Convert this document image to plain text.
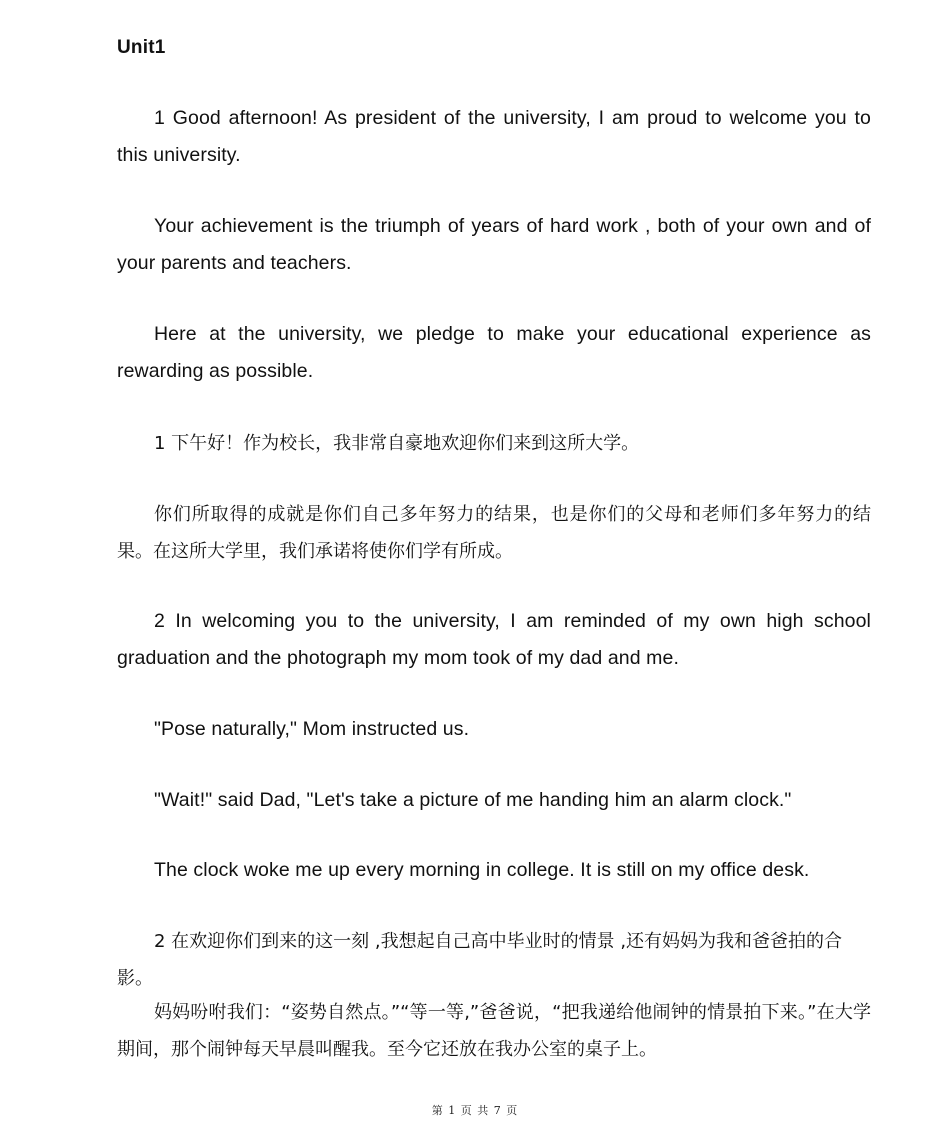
Unit1

1 Good afternoon! As president of the university, I am proud to welcome you to this university.

Your achievement is the triumph of years of hard work , both of your own and of your parents and teachers.

Here at the university, we pledge to make your educational experience as rewarding as possible.

1 下午好！作为校长，我非常自豪地欢迎你们来到这所大学。

你们所取得的成就是你们自己多年努力的结果，也是你们的父母和老师们多年努力的结果。在这所大学里，我们承诺将使你们学有所成。

2 In welcoming you to the university, I am reminded of my own high school graduation and the photograph my mom took of my dad and me.

"Pose naturally," Mom instructed us.

"Wait!" said Dad, "Let's take a picture of me handing him an alarm clock."

The clock woke me up every morning in college. It is still on my office desk.

2 在欢迎你们到来的这一刻 ,我想起自己高中毕业时的情景 ,还有妈妈为我和爸爸拍的合影。

妈妈吩咐我们：“姿势自然点。”“等一等,”爸爸说，“把我递给他闹钟的情景拍下来。”在大学期间，那个闹钟每天早晨叫醒我。至今它还放在我办公室的桌子上。

第 1 页 共 7 页
